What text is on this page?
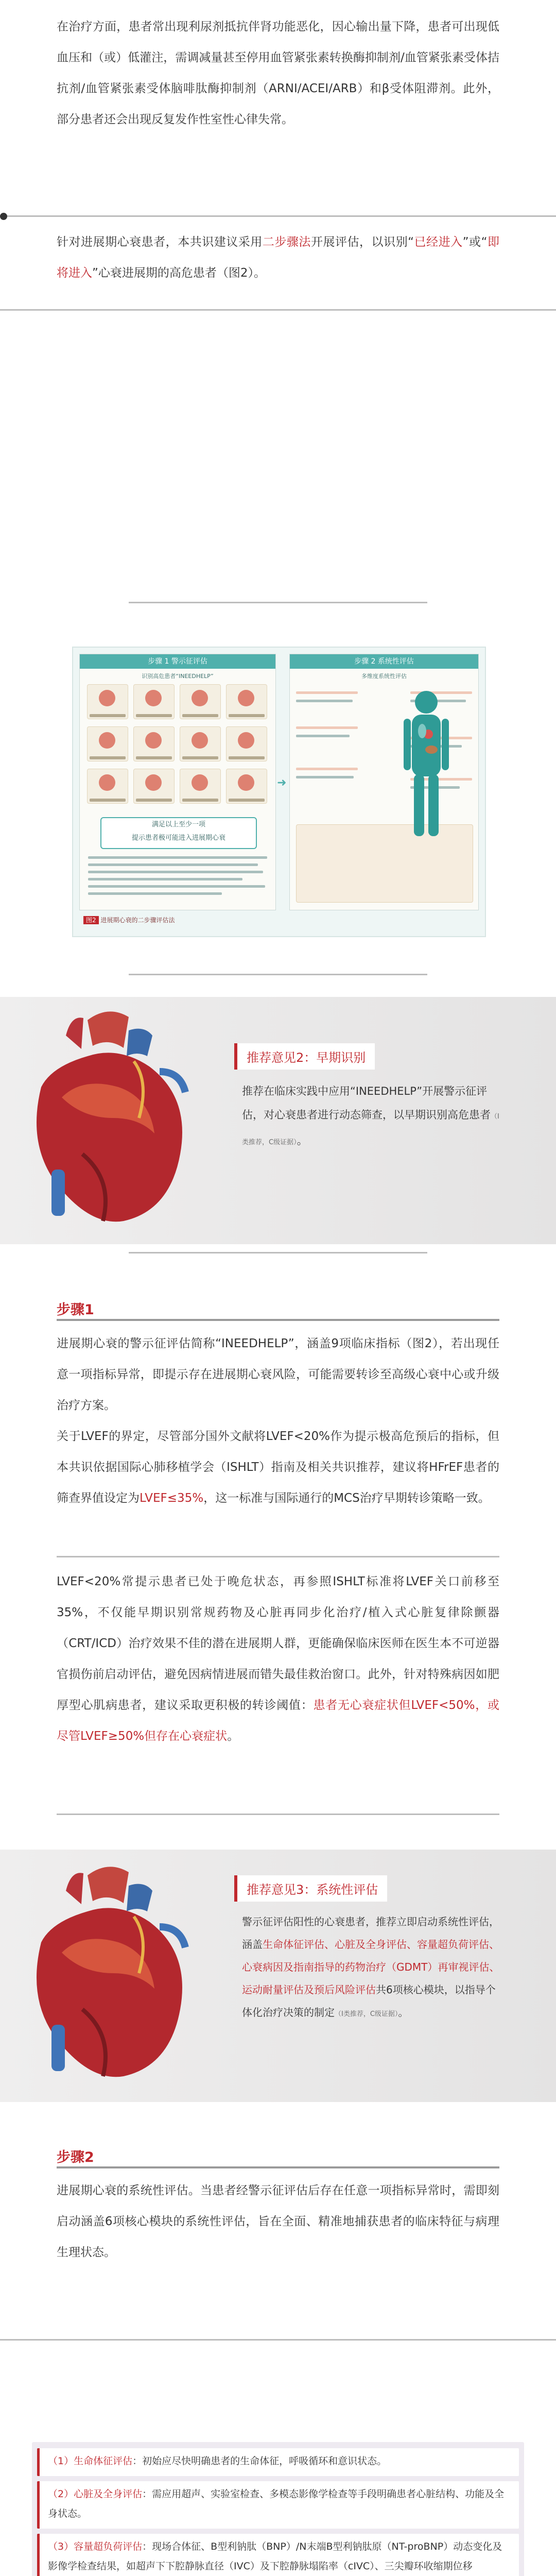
在治疗方面，患者常出现利尿剂抵抗伴肾功能恶化，因心输出量下降，患者可出现低血压和（或）低灌注，需调减量甚至停用血管紧张素转换酶抑制剂/血管紧张素受体拮抗剂/血管紧张素受体脑啡肽酶抑制剂（ARNI/ACEI/ARB）和β受体阻滞剂。此外，部分患者还会出现反复发作性室性心律失常。

针对进展期心衰患者，本共识建议采用二步骤法开展评估，以识别“已经进入”或“即将进入”心衰进展期的高危患者（图2）。

步骤 1 警示征评估
识别高危患者“INEEDHELP”
满足以上至少一项
提示患者极可能进入进展期心衰
➜
步骤 2 系统性评估
多维度系统性评估
图2 进展期心衰的二步骤评估法
推荐意见2：早期识别

推荐在临床实践中应用“INEEDHELP”开展警示征评估，对心衰患者进行动态筛查，以早期识别高危患者（Ⅰ类推荐，C级证据）。

步骤1

进展期心衰的警示征评估简称“INEEDHELP”，涵盖9项临床指标（图2），若出现任意一项指标异常，即提示存在进展期心衰风险，可能需要转诊至高级心衰中心或升级治疗方案。

关于LVEF的界定，尽管部分国外文献将LVEF<20%作为提示极高危预后的指标，但本共识依据国际心肺移植学会（ISHLT）指南及相关共识推荐，建议将HFrEF患者的筛查界值设定为LVEF≤35%，这一标准与国际通行的MCS治疗早期转诊策略一致。

LVEF<20%常提示患者已处于晚危状态，再参照ISHLT标准将LVEF关口前移至35%，不仅能早期识别常规药物及心脏再同步化治疗/植入式心脏复律除颤器（CRT/ICD）治疗效果不佳的潜在进展期人群，更能确保临床医师在医生本不可逆器官损伤前启动评估，避免因病情进展而错失最佳救治窗口。此外，针对特殊病因如肥厚型心肌病患者，建议采取更积极的转诊阈值：患者无心衰症状但LVEF<50%，或尽管LVEF≥50%但存在心衰症状。

推荐意见3：系统性评估

警示征评估阳性的心衰患者，推荐立即启动系统性评估，涵盖生命体征评估、心脏及全身评估、容量超负荷评估、心衰病因及指南指导的药物治疗（GDMT）再审视评估、运动耐量评估及预后风险评估共6项核心模块，以指导个体化治疗决策的制定（Ⅰ类推荐，C级证据）。

步骤2

进展期心衰的系统性评估。当患者经警示征评估后存在任意一项指标异常时，需即刻启动涵盖6项核心模块的系统性评估，旨在全面、精准地捕获患者的临床特征与病理生理状态。

（1）生命体征评估：初始应尽快明确患者的生命体征，呼吸循环和意识状态。
（2）心脏及全身评估：需应用超声、实验室检查、多模态影像学检查等手段明确患者心脏结构、功能及全身状态。
（3）容量超负荷评估：现场合体征、B型利钠肽（BNP）/N末端B型利钠肽原（NT-proBNP）动态变化及影像学检查结果，如超声下下腔静脉直径（IVC）及下腔静脉塌陷率（cIVC）、三尖瓣环收缩期位移
